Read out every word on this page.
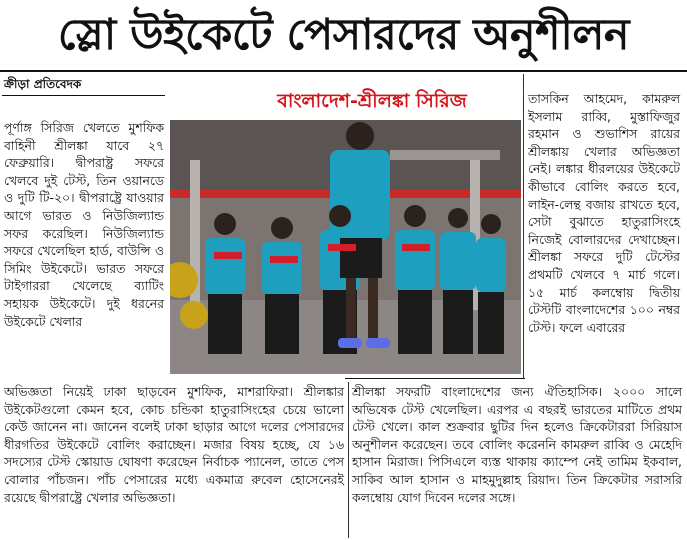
স্লো উইকেটে পেসারদের অনুশীলন
ক্রীড়া প্রতিবেদক
বাংলাদেশ-শ্রীলঙ্কা সিরিজ

পূর্ণাঙ্গ সিরিজ খেলতে মুশফিক বাহিনী শ্রীলঙ্কা যাবে ২৭ ফেব্রুয়ারি। দ্বীপরাষ্ট্র সফরে খেলবে দুই টেস্ট, তিন ওয়ানডে ও দুটি টি-২০। দ্বীপরাষ্ট্রে যাওয়ার আগে ভারত ও নিউজিল্যান্ড সফর করেছিল। নিউজিল্যান্ড সফরে খেলেছিল হার্ড, বাউন্সি ও সিমিং উইকেটে। ভারত সফরে টাইগাররা খেলেছে ব্যাটিং সহায়ক উইকেটে। দুই ধরনের উইকেটে খেলার

তাসকিন আহমেদ, কামরুল ইসলাম রাব্বি, মুস্তাফিজুর রহমান ও শুভাশিস রায়ের শ্রীলঙ্কায় খেলার অভিজ্ঞতা নেই। লঙ্কার ধীরলয়ের উইকেটে কীভাবে বোলিং করতে হবে, লাইন-লেন্থ বজায় রাখতে হবে, সেটা বুঝাতে হাতুরাসিংহে নিজেই বোলারদের দেখাচ্ছেন। শ্রীলঙ্কা সফরে দুটি টেস্টের প্রথমটি খেলবে ৭ মার্চ গলে। ১৫ মার্চ কলম্বোয় দ্বিতীয় টেস্টটি বাংলাদেশের ১০০ নম্বর টেস্ট। ফলে এবারের

অভিজ্ঞতা নিয়েই ঢাকা ছাড়বেন মুশফিক, মাশরাফিরা। শ্রীলঙ্কার উইকেটগুলো কেমন হবে, কোচ চন্ডিকা হাতুরাসিংহের চেয়ে ভালো কেউ জানেন না। জানেন বলেই ঢাকা ছাড়ার আগে দলের পেসারদের ধীরগতির উইকেটে বোলিং করাচ্ছেন। মজার বিষয় হচ্ছে, যে ১৬ সদস্যের টেস্ট স্কোয়াড ঘোষণা করেছেন নির্বাচক প্যানেল, তাতে পেস বোলার পাঁচজন। পাঁচ পেসারের মধ্যে একমাত্র রুবেল হোসেনেরই রয়েছে দ্বীপরাষ্ট্রে খেলার অভিজ্ঞতা।

শ্রীলঙ্কা সফরটি বাংলাদেশের জন্য ঐতিহাসিক। ২০০০ সালে অভিষেক টেস্ট খেলেছিল। এরপর এ বছরই ভারতের মাটিতে প্রথম টেস্ট খেলে। কাল শুক্রবার ছুটির দিন হলেও ক্রিকেটাররা সিরিয়াস অনুশীলন করেছেন। তবে বোলিং করেননি কামরুল রাব্বি ও মেহেদি হাসান মিরাজ। পিসিএলে ব্যস্ত থাকায় ক্যাম্পে নেই তামিম ইকবাল, সাকিব আল হাসান ও মাহমুদুল্লাহ রিয়াদ। তিন ক্রিকেটার সরাসরি কলম্বোয় যোগ দিবেন দলের সঙ্গে।
